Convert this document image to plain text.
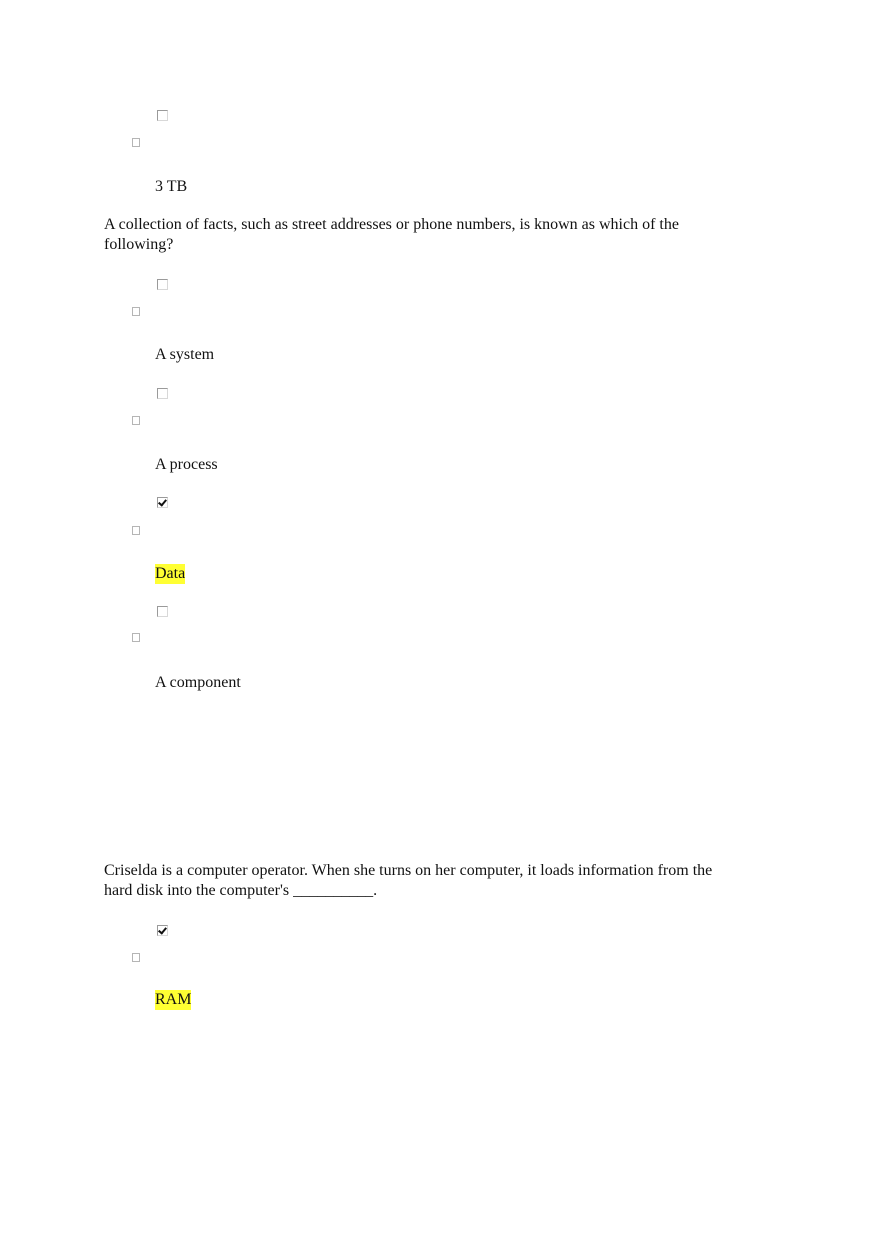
3 TB
A collection of facts, such as street addresses or phone numbers, is known as which of the following?
A system
A process
Data
A component
Criselda is a computer operator. When she turns on her computer, it loads information from the hard disk into the computer's __________.
RAM
